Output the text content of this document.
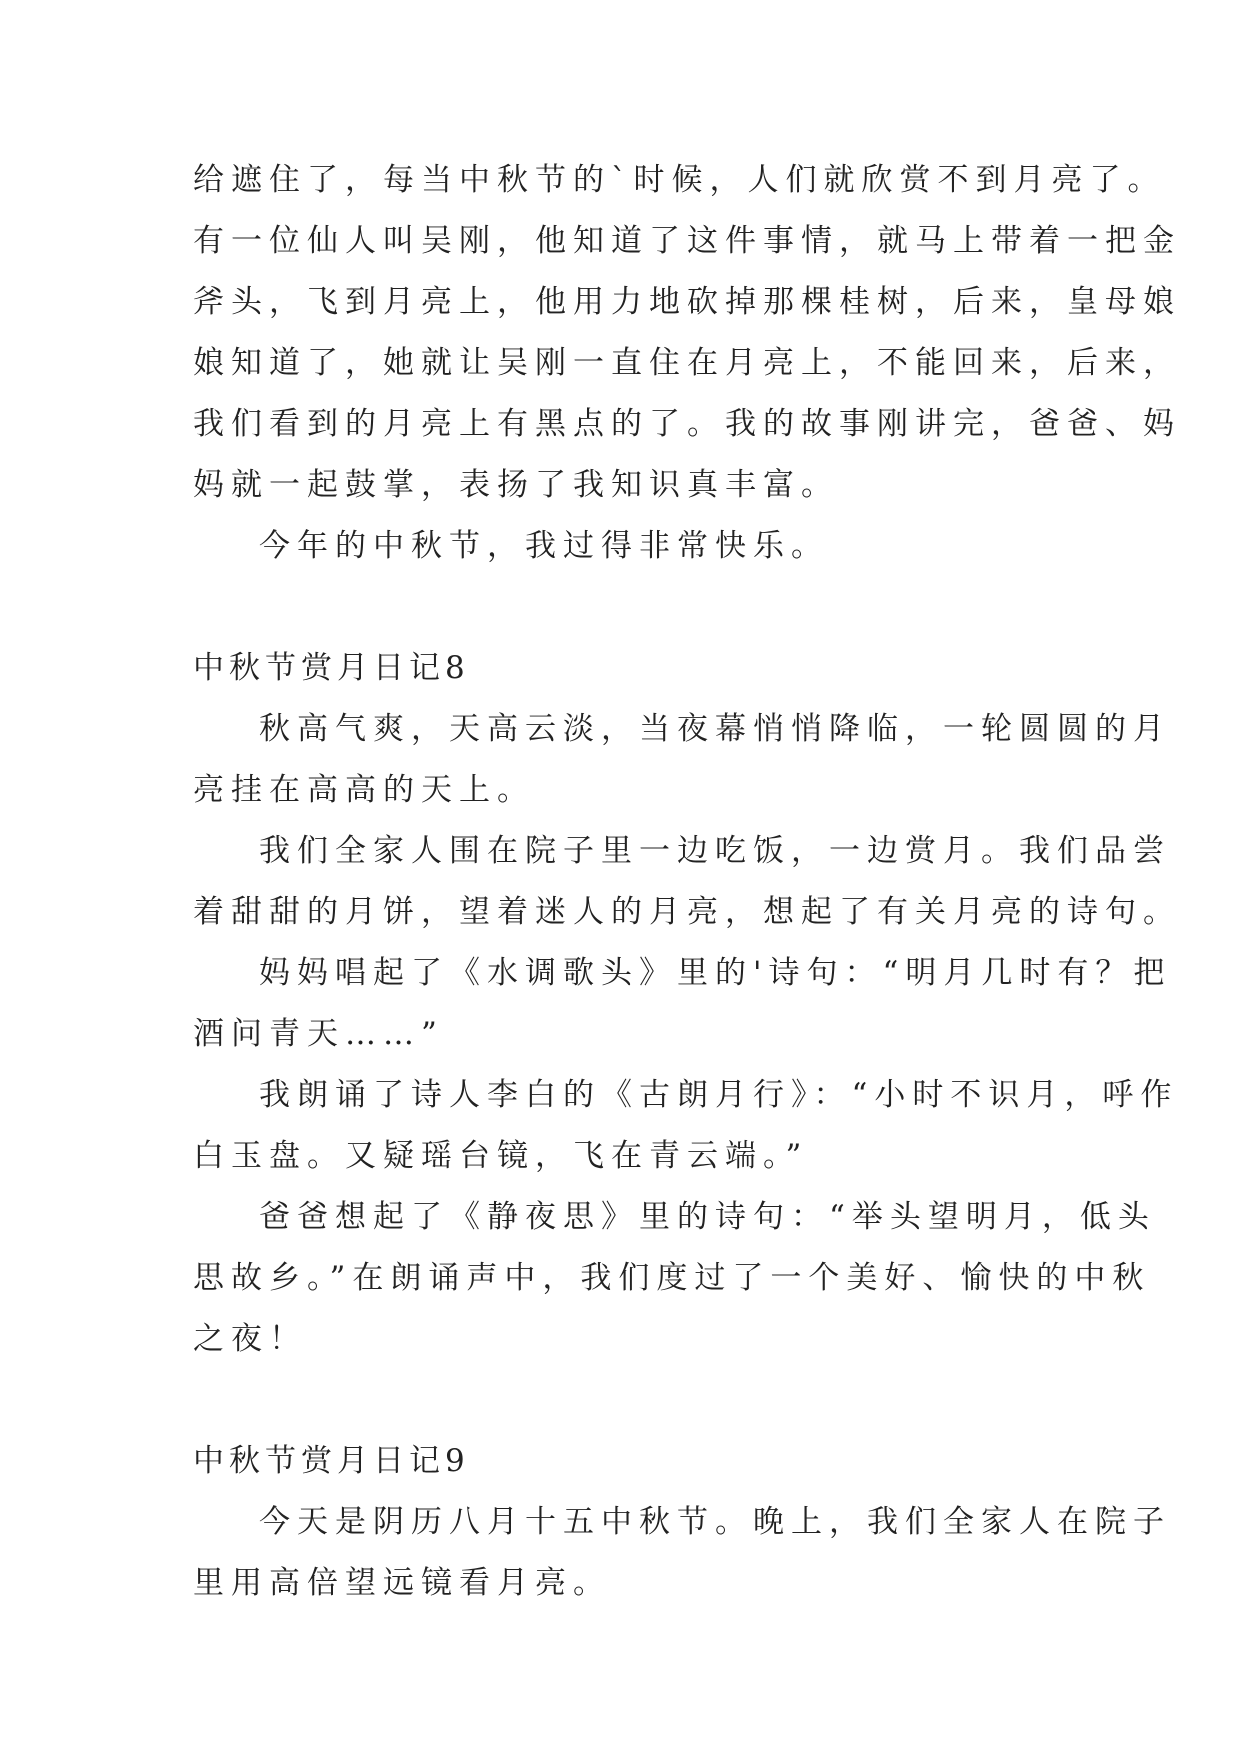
给遮住了，每当中秋节的`时候，人们就欣赏不到月亮了。
有一位仙人叫吴刚，他知道了这件事情，就马上带着一把金
斧头，飞到月亮上，他用力地砍掉那棵桂树，后来，皇母娘
娘知道了，她就让吴刚一直住在月亮上，不能回来，后来，
我们看到的月亮上有黑点的了。我的故事刚讲完，爸爸、妈
妈就一起鼓掌，表扬了我知识真丰富。
今年的中秋节，我过得非常快乐。
中秋节赏月日记8
秋高气爽，天高云淡，当夜幕悄悄降临，一轮圆圆的月
亮挂在高高的天上。
我们全家人围在院子里一边吃饭，一边赏月。我们品尝
着甜甜的月饼，望着迷人的月亮，想起了有关月亮的诗句。
妈妈唱起了《水调歌头》里的'诗句：“明月几时有？把
酒问青天……”
我朗诵了诗人李白的《古朗月行》：“小时不识月，呼作
白玉盘。又疑瑶台镜，飞在青云端。”
爸爸想起了《静夜思》里的诗句：“举头望明月，低头
思故乡。”在朗诵声中，我们度过了一个美好、愉快的中秋
之夜！
中秋节赏月日记9
今天是阴历八月十五中秋节。晚上，我们全家人在院子
里用高倍望远镜看月亮。
